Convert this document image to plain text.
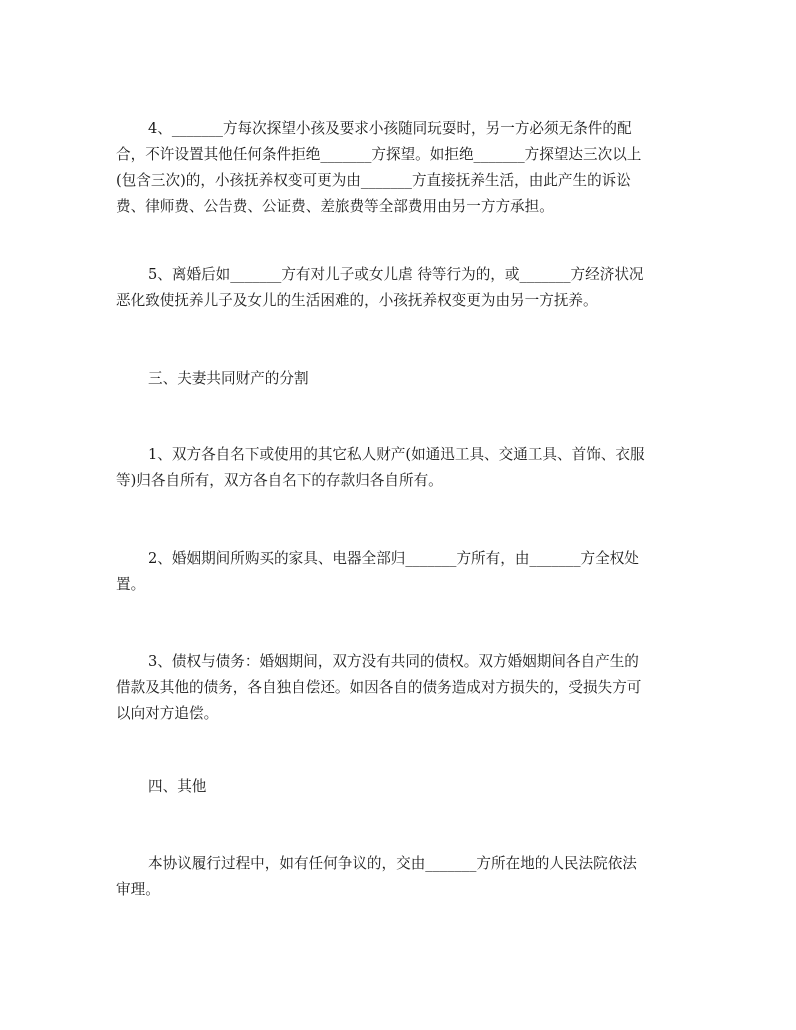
4、_______方每次探望小孩及要求小孩随同玩耍时，另一方必须无条件的配
合，不许设置其他任何条件拒绝_______方探望。如拒绝_______方探望达三次以上
(包含三次)的，小孩抚养权变可更为由_______方直接抚养生活，由此产生的诉讼
费、律师费、公告费、公证费、差旅费等全部费用由另一方方承担。
5、离婚后如_______方有对儿子或女儿虐 待等行为的，或_______方经济状况
恶化致使抚养儿子及女儿的生活困难的，小孩抚养权变更为由另一方抚养。
三、夫妻共同财产的分割
1、双方各自名下或使用的其它私人财产(如通迅工具、交通工具、首饰、衣服
等)归各自所有，双方各自名下的存款归各自所有。
2、婚姻期间所购买的家具、电器全部归_______方所有，由_______方全权处
置。
3、债权与债务：婚姻期间，双方没有共同的债权。双方婚姻期间各自产生的
借款及其他的债务，各自独自偿还。如因各自的债务造成对方损失的，受损失方可
以向对方追偿。
四、其他
本协议履行过程中，如有任何争议的，交由_______方所在地的人民法院依法
审理。
